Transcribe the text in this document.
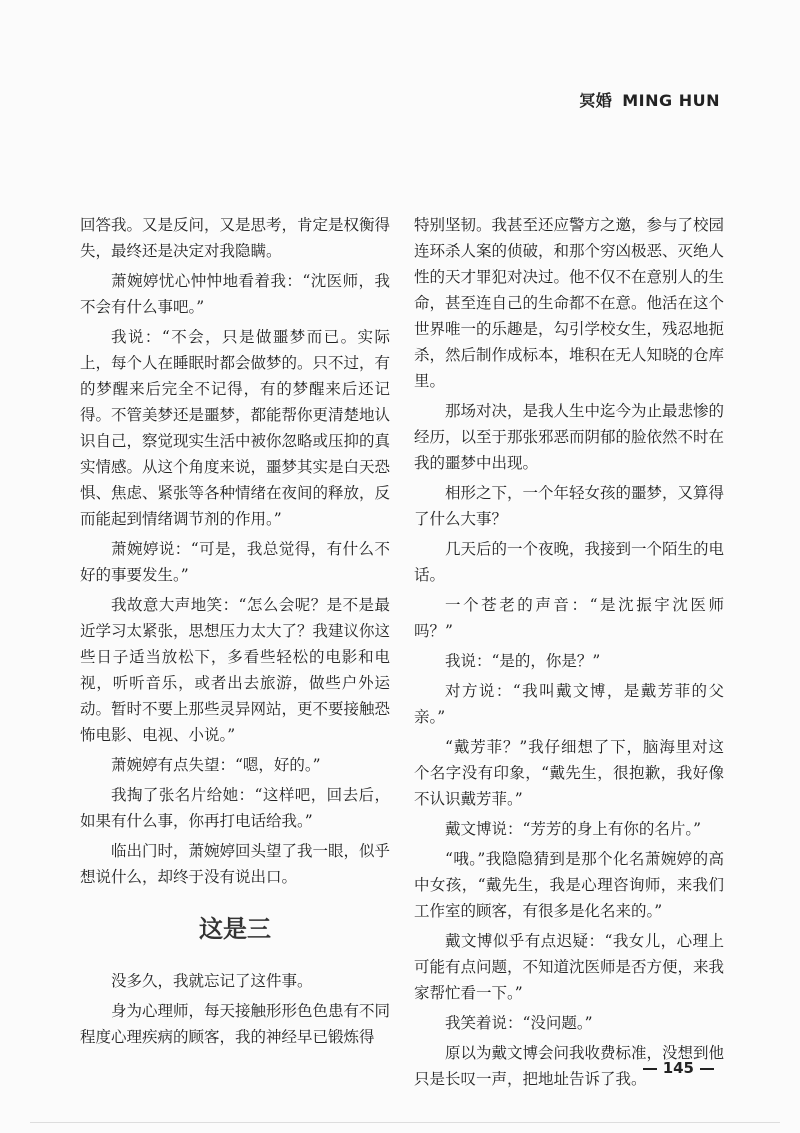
冥婚 MING HUN

回答我。又是反问，又是思考，肯定是权衡得失，最终还是决定对我隐瞒。

萧婉婷忧心忡忡地看着我：“沈医师，我不会有什么事吧。”

我说：“不会，只是做噩梦而已。实际上，每个人在睡眠时都会做梦的。只不过，有的梦醒来后完全不记得，有的梦醒来后还记得。不管美梦还是噩梦，都能帮你更清楚地认识自己，察觉现实生活中被你忽略或压抑的真实情感。从这个角度来说，噩梦其实是白天恐惧、焦虑、紧张等各种情绪在夜间的释放，反而能起到情绪调节剂的作用。”

萧婉婷说：“可是，我总觉得，有什么不好的事要发生。”

我故意大声地笑：“怎么会呢？是不是最近学习太紧张，思想压力太大了？我建议你这些日子适当放松下，多看些轻松的电影和电视，听听音乐，或者出去旅游，做些户外运动。暂时不要上那些灵异网站，更不要接触恐怖电影、电视、小说。”

萧婉婷有点失望：“嗯，好的。”

我掏了张名片给她：“这样吧，回去后，如果有什么事，你再打电话给我。”

临出门时，萧婉婷回头望了我一眼，似乎想说什么，却终于没有说出口。

这是三

没多久，我就忘记了这件事。

身为心理师，每天接触形形色色患有不同程度心理疾病的顾客，我的神经早已锻炼得

特别坚韧。我甚至还应警方之邀，参与了校园连环杀人案的侦破，和那个穷凶极恶、灭绝人性的天才罪犯对决过。他不仅不在意别人的生命，甚至连自己的生命都不在意。他活在这个世界唯一的乐趣是，勾引学校女生，残忍地扼杀，然后制作成标本，堆积在无人知晓的仓库里。

那场对决，是我人生中迄今为止最悲惨的经历，以至于那张邪恶而阴郁的脸依然不时在我的噩梦中出现。

相形之下，一个年轻女孩的噩梦，又算得了什么大事？

几天后的一个夜晚，我接到一个陌生的电话。

一个苍老的声音：“是沈振宇沈医师吗？”

我说：“是的，你是？”

对方说：“我叫戴文博，是戴芳菲的父亲。”

“戴芳菲？”我仔细想了下，脑海里对这个名字没有印象，“戴先生，很抱歉，我好像不认识戴芳菲。”

戴文博说：“芳芳的身上有你的名片。”

“哦。”我隐隐猜到是那个化名萧婉婷的高中女孩，“戴先生，我是心理咨询师，来我们工作室的顾客，有很多是化名来的。”

戴文博似乎有点迟疑：“我女儿，心理上可能有点问题，不知道沈医师是否方便，来我家帮忙看一下。”

我笑着说：“没问题。”

原以为戴文博会问我收费标准，没想到他只是长叹一声，把地址告诉了我。

145
